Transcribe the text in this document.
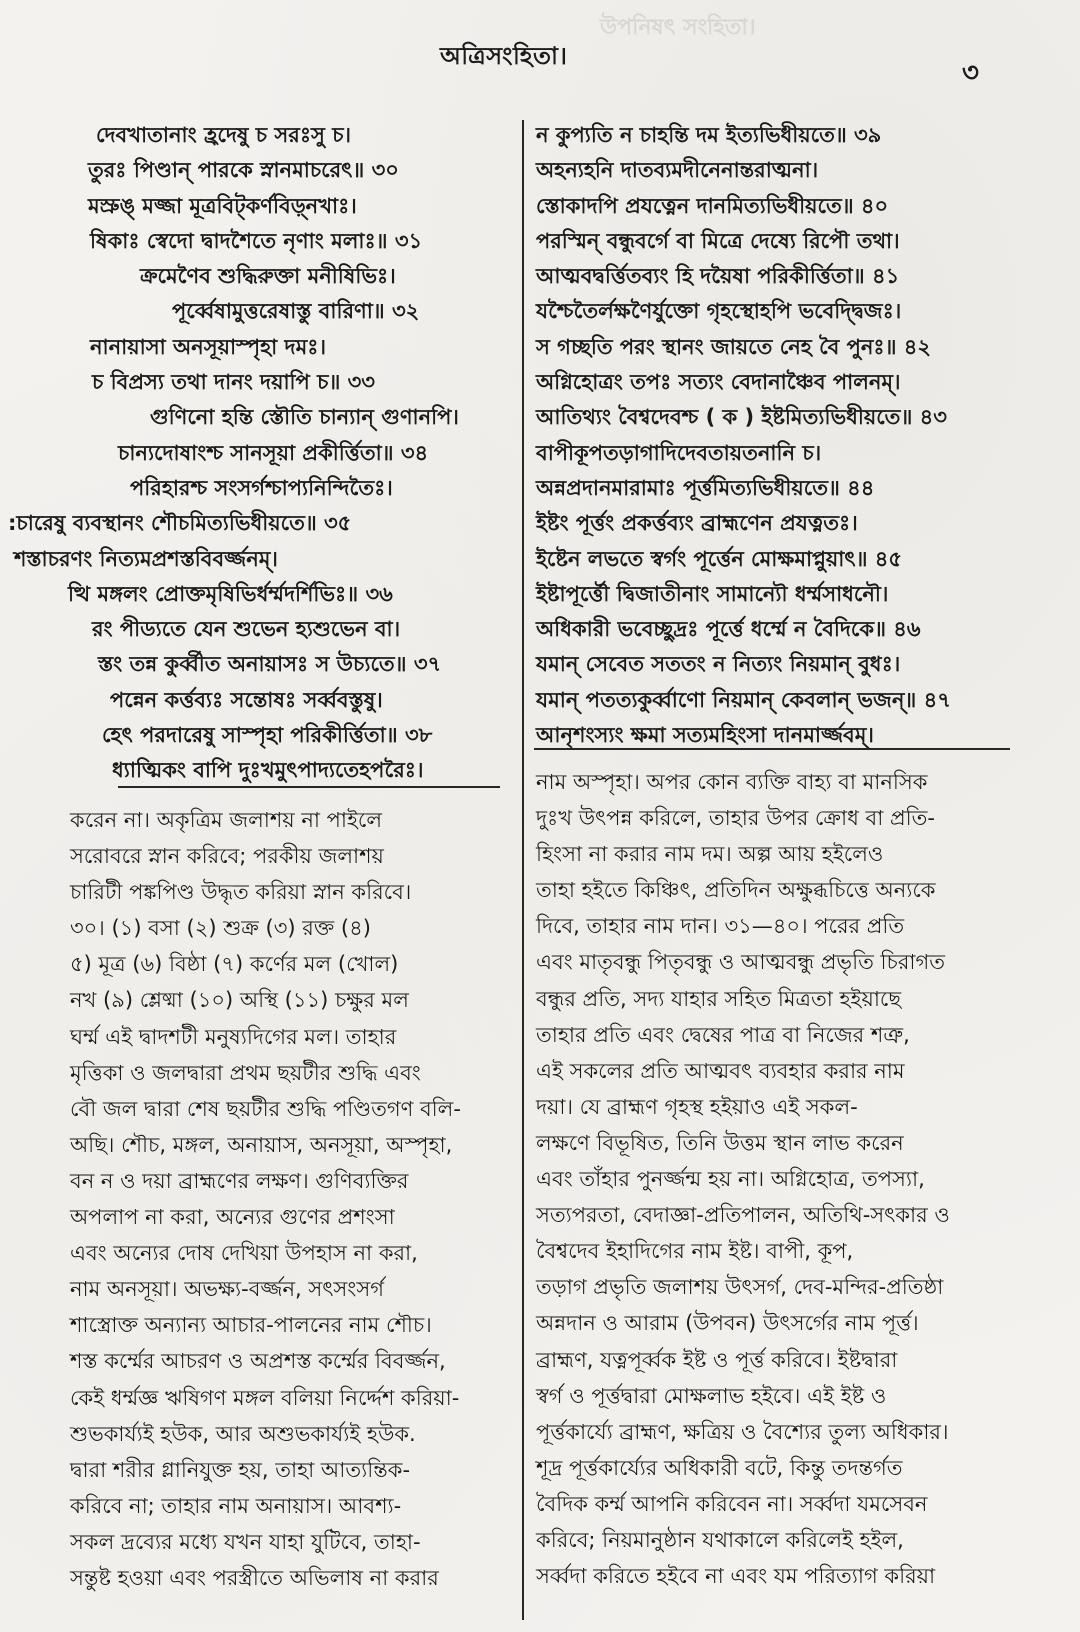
উপনিষৎ সংহিতা।
অত্রিসংহিতা।
৩
দেবখাতানাং হ্রদেষু চ সরঃসু চ।
তুরঃ পিণ্ডান্ পারকে স্নানমাচরেৎ॥ ৩০
মস্ৰুঙ্ মজ্জা মূত্রবিট্‌কর্ণবিড়্‌নখাঃ।
ষিকাঃ স্বেদো দ্বাদশৈতে নৃণাং মলাঃ॥ ৩১
ক্রমেণৈব শুদ্ধিরুক্তা মনীষিভিঃ।
পূর্ব্বেষামুত্তরেষাস্তু বারিণা॥ ৩২
নানায়াসা অনসূয়াস্পৃহা দমঃ।
চ বিপ্রস্য তথা দানং দয়াপি চ॥ ৩৩
গুণিনো হন্তি স্তৌতি চান্যান্ গুণানপি।
চান্যদোষাংশ্চ সানসূয়া প্রকীর্ত্তিতা॥ ৩৪
পরিহারশ্চ সংসর্গশ্চাপ্যনিন্দিতৈঃ।
:চারেষু ব্যবস্থানং শৌচমিত্যভিধীয়তে॥ ৩৫
শস্তাচরণং নিত্যমপ্রশস্তবিবর্জ্জনম্।
ত্থি মঙ্গলং প্রোক্তমৃষিভির্ধর্ম্মদর্শিভিঃ॥ ৩৬
রং পীড্যতে যেন শুভেন হ্যশুভেন বা।
স্তং তন্ন কুর্ব্বীত অনায়াসঃ স উচ্যতে॥ ৩৭
পন্নেন কর্ত্তব্যঃ সন্তোষঃ সর্ব্ববস্তুষু।
হেৎ পরদারেষু সাস্পৃহা পরিকীর্ত্তিতা॥ ৩৮
ধ্যাত্মিকং বাপি দুঃখমুৎপাদ্যতেহপরৈঃ।
ন কুপ্যতি ন চাহন্তি দম ইত্যভিধীয়তে॥ ৩৯
অহন্যহনি দাতব্যমদীনেনান্তরাত্মনা।
স্তোকাদপি প্রযত্নেন দানমিত্যভিধীয়তে॥ ৪০
পরস্মিন্ বন্ধুবর্গে বা মিত্রে দেষ্যে রিপৌ তথা।
আত্মবদ্বর্ত্তিতব্যং হি দয়ৈষা পরিকীর্ত্তিতা॥ ৪১
যশ্চৈতৈর্লক্ষণৈর্যুক্তো গৃহস্থোহপি ভবেদ্দ্বিজঃ।
স গচ্ছতি পরং স্থানং জায়তে নেহ বৈ পুনঃ॥ ৪২
অগ্নিহোত্রং তপঃ সত্যং বেদানাঞ্চৈব পালনম্।
আতিথ্যং বৈশ্বদেবশ্চ ( ক ) ইষ্টমিত্যভিধীয়তে॥ ৪৩
বাপীকূপতড়াগাদিদেবতায়তনানি চ।
অন্নপ্রদানমারামাঃ পূর্ত্তমিত্যভিধীয়তে॥ ৪৪
ইষ্টং পূর্ত্তং প্রকর্ত্তব্যং ব্রাহ্মণেন প্রযত্নতঃ।
ইষ্টেন লভতে স্বর্গং পূর্ত্তেন মোক্ষমাপ্নুয়াৎ॥ ৪৫
ইষ্টাপূর্ত্তৌ দ্বিজাতীনাং সামান্যৌ ধর্ম্মসাধনৌ।
অধিকারী ভবেচ্ছুদ্রঃ পূর্ত্তে ধর্ম্মে ন বৈদিকে॥ ৪৬
যমান্ সেবেত সততং ন নিত্যং নিয়মান্ বুধঃ।
যমান্ পতত্যকুর্ব্বাণো নিয়মান্ কেবলান্ ভজন্॥ ৪৭
আনৃশংস্যং ক্ষমা সত্যমহিংসা দানমার্জ্জবম্।
করেন না। অকৃত্রিম জলাশয় না পাইলে
সরোবরে স্নান করিবে; পরকীয় জলাশয়
চারিটী পঙ্কপিণ্ড উদ্ধৃত করিয়া স্নান করিবে।
৩০। (১) বসা (২) শুক্র (৩) রক্ত (৪)
৫) মূত্র (৬) বিষ্ঠা (৭) কর্ণের মল (খোল)
নখ (৯) শ্লেষ্মা (১০) অস্থি (১১) চক্ষুর মল
ঘর্ম্ম এই দ্বাদশটী মনুষ্যদিগের মল। তাহার
মৃত্তিকা ও জলদ্বারা প্রথম ছয়টীর শুদ্ধি এবং
বৌ জল দ্বারা শেষ ছয়টীর শুদ্ধি পণ্ডিতগণ বলি-
অছি। শৌচ, মঙ্গল, অনায়াস, অনসূয়া, অস্পৃহা,
বন ন ও দয়া ব্রাহ্মণের লক্ষণ। গুণিব্যক্তির
অপলাপ না করা, অন্যের গুণের প্রশংসা
এবং অন্যের দোষ দেখিয়া উপহাস না করা,
নাম অনসূয়া। অভক্ষ্য-বর্জ্জন, সৎসংসর্গ
শাস্ত্রোক্ত অন্যান্য আচার-পালনের নাম শৌচ।
শস্ত কর্ম্মের আচরণ ও অপ্রশস্ত কর্ম্মের বিবর্জ্জন,
কেই ধর্ম্মজ্ঞ ঋষিগণ মঙ্গল বলিয়া নির্দ্দেশ করিয়া-
শুভকার্য্যই হউক, আর অশুভকার্য্যই হউক.
দ্বারা শরীর গ্লানিযুক্ত হয়, তাহা আত্যন্তিক-
করিবে না; তাহার নাম অনায়াস। আবশ্য-
সকল দ্রব্যের মধ্যে যখন যাহা যুটিবে, তাহা-
সন্তুষ্ট হওয়া এবং পরস্ত্রীতে অভিলাষ না করার
নাম অস্পৃহা। অপর কোন ব্যক্তি বাহ্য বা মানসিক
দুঃখ উৎপন্ন করিলে, তাহার উপর ক্রোধ বা প্রতি-
হিংসা না করার নাম দম। অল্প আয় হইলেও
তাহা হইতে কিঞ্চিৎ, প্রতিদিন অক্ষুব্ধচিত্তে অন্যকে
দিবে, তাহার নাম দান। ৩১—৪০। পরের প্রতি
এবং মাতৃবন্ধু পিতৃবন্ধু ও আত্মবন্ধু প্রভৃতি চিরাগত
বন্ধুর প্রতি, সদ্য যাহার সহিত মিত্রতা হইয়াছে
তাহার প্রতি এবং দ্বেষের পাত্র বা নিজের শত্রু,
এই সকলের প্রতি আত্মবৎ ব্যবহার করার নাম
দয়া। যে ব্রাহ্মণ গৃহস্থ হইয়াও এই সকল-
লক্ষণে বিভূষিত, তিনি উত্তম স্থান লাভ করেন
এবং তাঁহার পুনর্জ্জন্ম হয় না। অগ্নিহোত্র, তপস্যা,
সত্যপরতা, বেদাজ্ঞা-প্রতিপালন, অতিথি-সৎকার ও
বৈশ্বদেব ইহাদিগের নাম ইষ্ট। বাপী, কূপ,
তড়াগ প্রভৃতি জলাশয় উৎসর্গ, দেব-মন্দির-প্রতিষ্ঠা
অন্নদান ও আরাম (উপবন) উৎসর্গের নাম পূর্ত্ত।
ব্রাহ্মণ, যত্নপূর্ব্বক ইষ্ট ও পূর্ত্ত করিবে। ইষ্টদ্বারা
স্বর্গ ও পূর্ত্তদ্বারা মোক্ষলাভ হইবে। এই ইষ্ট ও
পূর্ত্তকার্য্যে ব্রাহ্মণ, ক্ষত্রিয় ও বৈশ্যের তুল্য অধিকার।
শূদ্র পূর্ত্তকার্য্যের অধিকারী বটে, কিন্তু তদন্তর্গত
বৈদিক কর্ম্ম আপনি করিবেন না। সর্ব্বদা যমসেবন
করিবে; নিয়মানুষ্ঠান যথাকালে করিলেই হইল,
সর্ব্বদা করিতে হইবে না এবং যম পরিত্যাগ করিয়া
